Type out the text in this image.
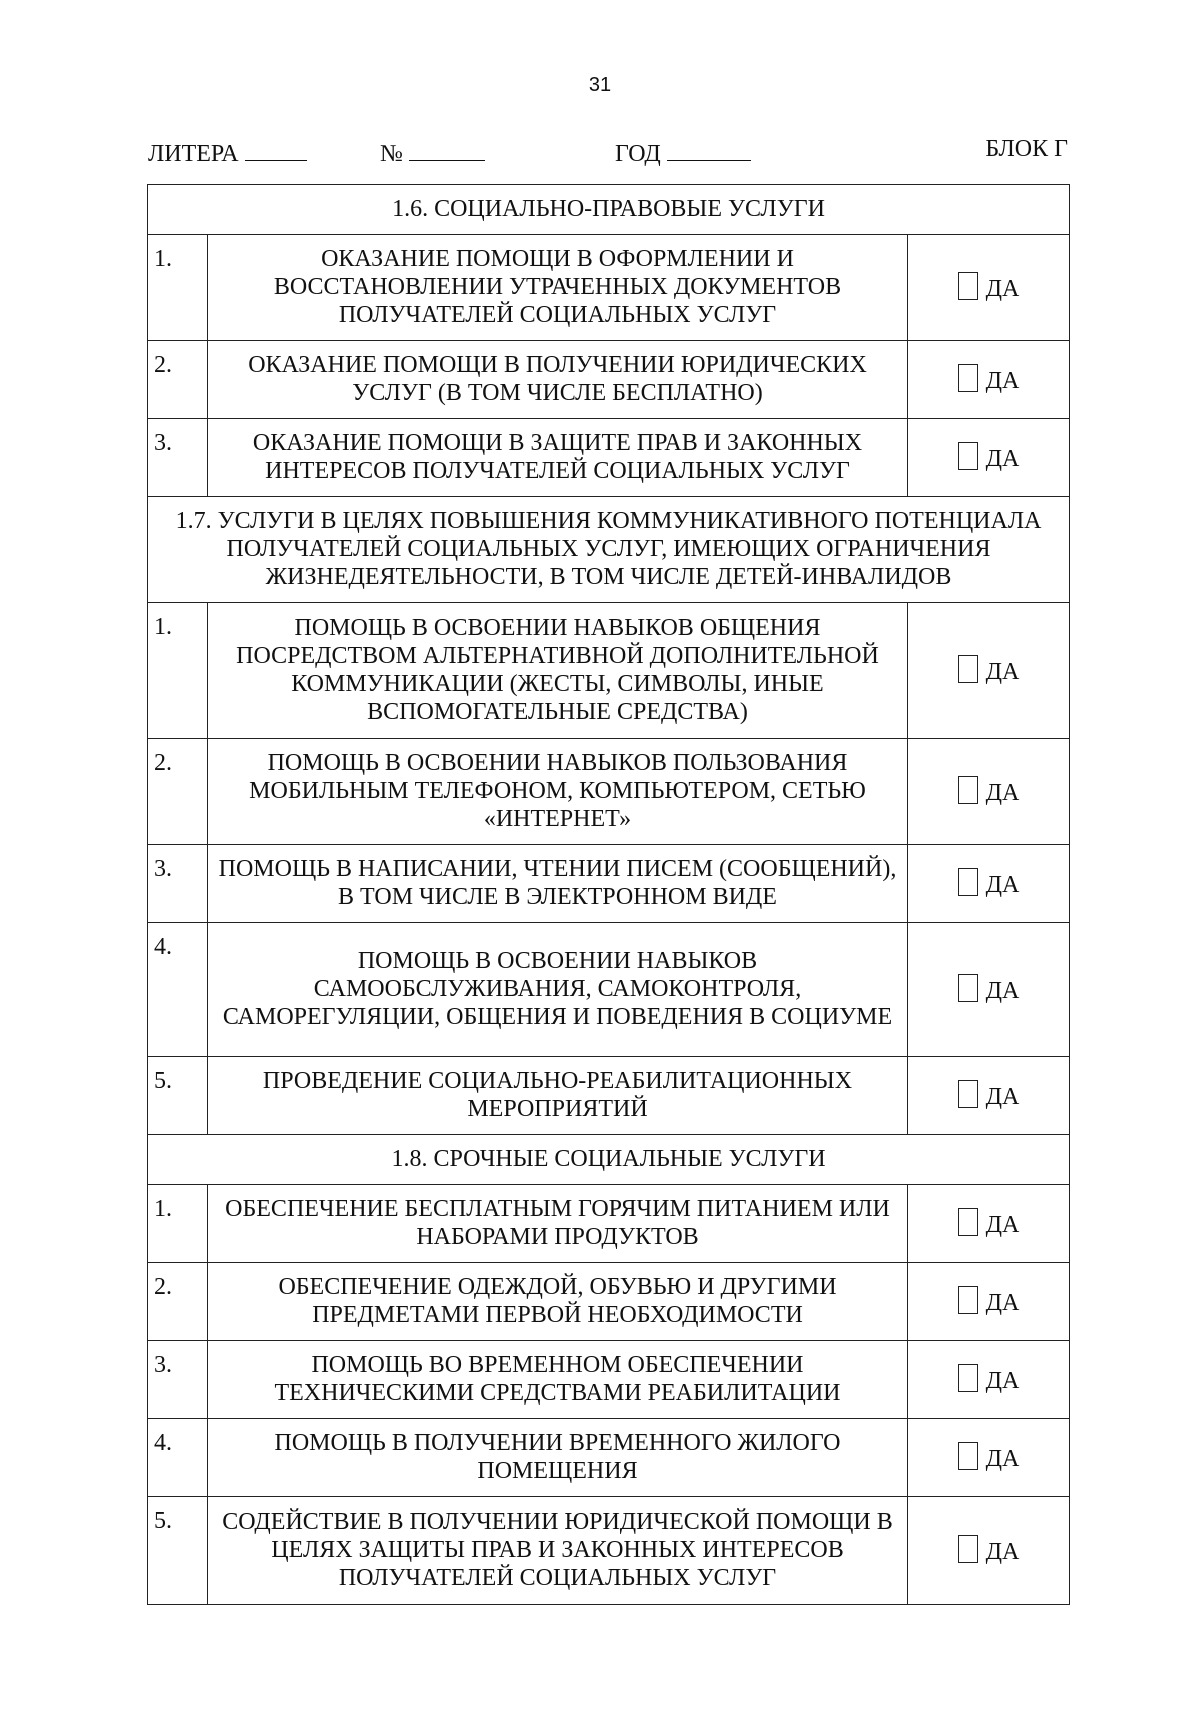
31
ЛИТЕРА	№	ГОД	БЛОК Г
1.6. СОЦИАЛЬНО-ПРАВОВЫЕ УСЛУГИ		
1.	ОКАЗАНИЕ ПОМОЩИ В ОФОРМЛЕНИИ И ВОССТАНОВЛЕНИИ УТРАЧЕННЫХ ДОКУМЕНТОВ ПОЛУЧАТЕЛЕЙ СОЦИАЛЬНЫХ УСЛУГ	ДА
2.	ОКАЗАНИЕ ПОМОЩИ В ПОЛУЧЕНИИ ЮРИДИЧЕСКИХ УСЛУГ (В ТОМ ЧИСЛЕ БЕСПЛАТНО)	ДА
3.	ОКАЗАНИЕ ПОМОЩИ В ЗАЩИТЕ ПРАВ И ЗАКОННЫХ ИНТЕРЕСОВ ПОЛУЧАТЕЛЕЙ СОЦИАЛЬНЫХ УСЛУГ	ДА
1.7. УСЛУГИ В ЦЕЛЯХ ПОВЫШЕНИЯ КОММУНИКАТИВНОГО ПОТЕНЦИАЛА ПОЛУЧАТЕЛЕЙ СОЦИАЛЬНЫХ УСЛУГ, ИМЕЮЩИХ ОГРАНИЧЕНИЯ ЖИЗНЕДЕЯТЕЛЬНОСТИ, В ТОМ ЧИСЛЕ ДЕТЕЙ-ИНВАЛИДОВ		
1.	ПОМОЩЬ В ОСВОЕНИИ НАВЫКОВ ОБЩЕНИЯ ПОСРЕДСТВОМ АЛЬТЕРНАТИВНОЙ ДОПОЛНИТЕЛЬНОЙ КОММУНИКАЦИИ (ЖЕСТЫ, СИМВОЛЫ, ИНЫЕ ВСПОМОГАТЕЛЬНЫЕ СРЕДСТВА)	ДА
2.	ПОМОЩЬ В ОСВОЕНИИ НАВЫКОВ ПОЛЬЗОВАНИЯ МОБИЛЬНЫМ ТЕЛЕФОНОМ, КОМПЬЮТЕРОМ, СЕТЬЮ «ИНТЕРНЕТ»	ДА
3.	ПОМОЩЬ В НАПИСАНИИ, ЧТЕНИИ ПИСЕМ (СООБЩЕНИЙ), В ТОМ ЧИСЛЕ В ЭЛЕКТРОННОМ ВИДЕ	ДА
4.	ПОМОЩЬ В ОСВОЕНИИ НАВЫКОВ САМООБСЛУЖИВАНИЯ, САМОКОНТРОЛЯ, САМОРЕГУЛЯЦИИ, ОБЩЕНИЯ И ПОВЕДЕНИЯ В СОЦИУМЕ	ДА
5.	ПРОВЕДЕНИЕ СОЦИАЛЬНО-РЕАБИЛИТАЦИОННЫХ МЕРОПРИЯТИЙ	ДА
1.8. СРОЧНЫЕ СОЦИАЛЬНЫЕ УСЛУГИ		
1.	ОБЕСПЕЧЕНИЕ БЕСПЛАТНЫМ ГОРЯЧИМ ПИТАНИЕМ ИЛИ НАБОРАМИ ПРОДУКТОВ	ДА
2.	ОБЕСПЕЧЕНИЕ ОДЕЖДОЙ, ОБУВЬЮ И ДРУГИМИ ПРЕДМЕТАМИ ПЕРВОЙ НЕОБХОДИМОСТИ	ДА
3.	ПОМОЩЬ ВО ВРЕМЕННОМ ОБЕСПЕЧЕНИИ ТЕХНИЧЕСКИМИ СРЕДСТВАМИ РЕАБИЛИТАЦИИ	ДА
4.	ПОМОЩЬ В ПОЛУЧЕНИИ ВРЕМЕННОГО ЖИЛОГО ПОМЕЩЕНИЯ	ДА
5.	СОДЕЙСТВИЕ В ПОЛУЧЕНИИ ЮРИДИЧЕСКОЙ ПОМОЩИ В ЦЕЛЯХ ЗАЩИТЫ ПРАВ И ЗАКОННЫХ ИНТЕРЕСОВ ПОЛУЧАТЕЛЕЙ СОЦИАЛЬНЫХ УСЛУГ	ДА
